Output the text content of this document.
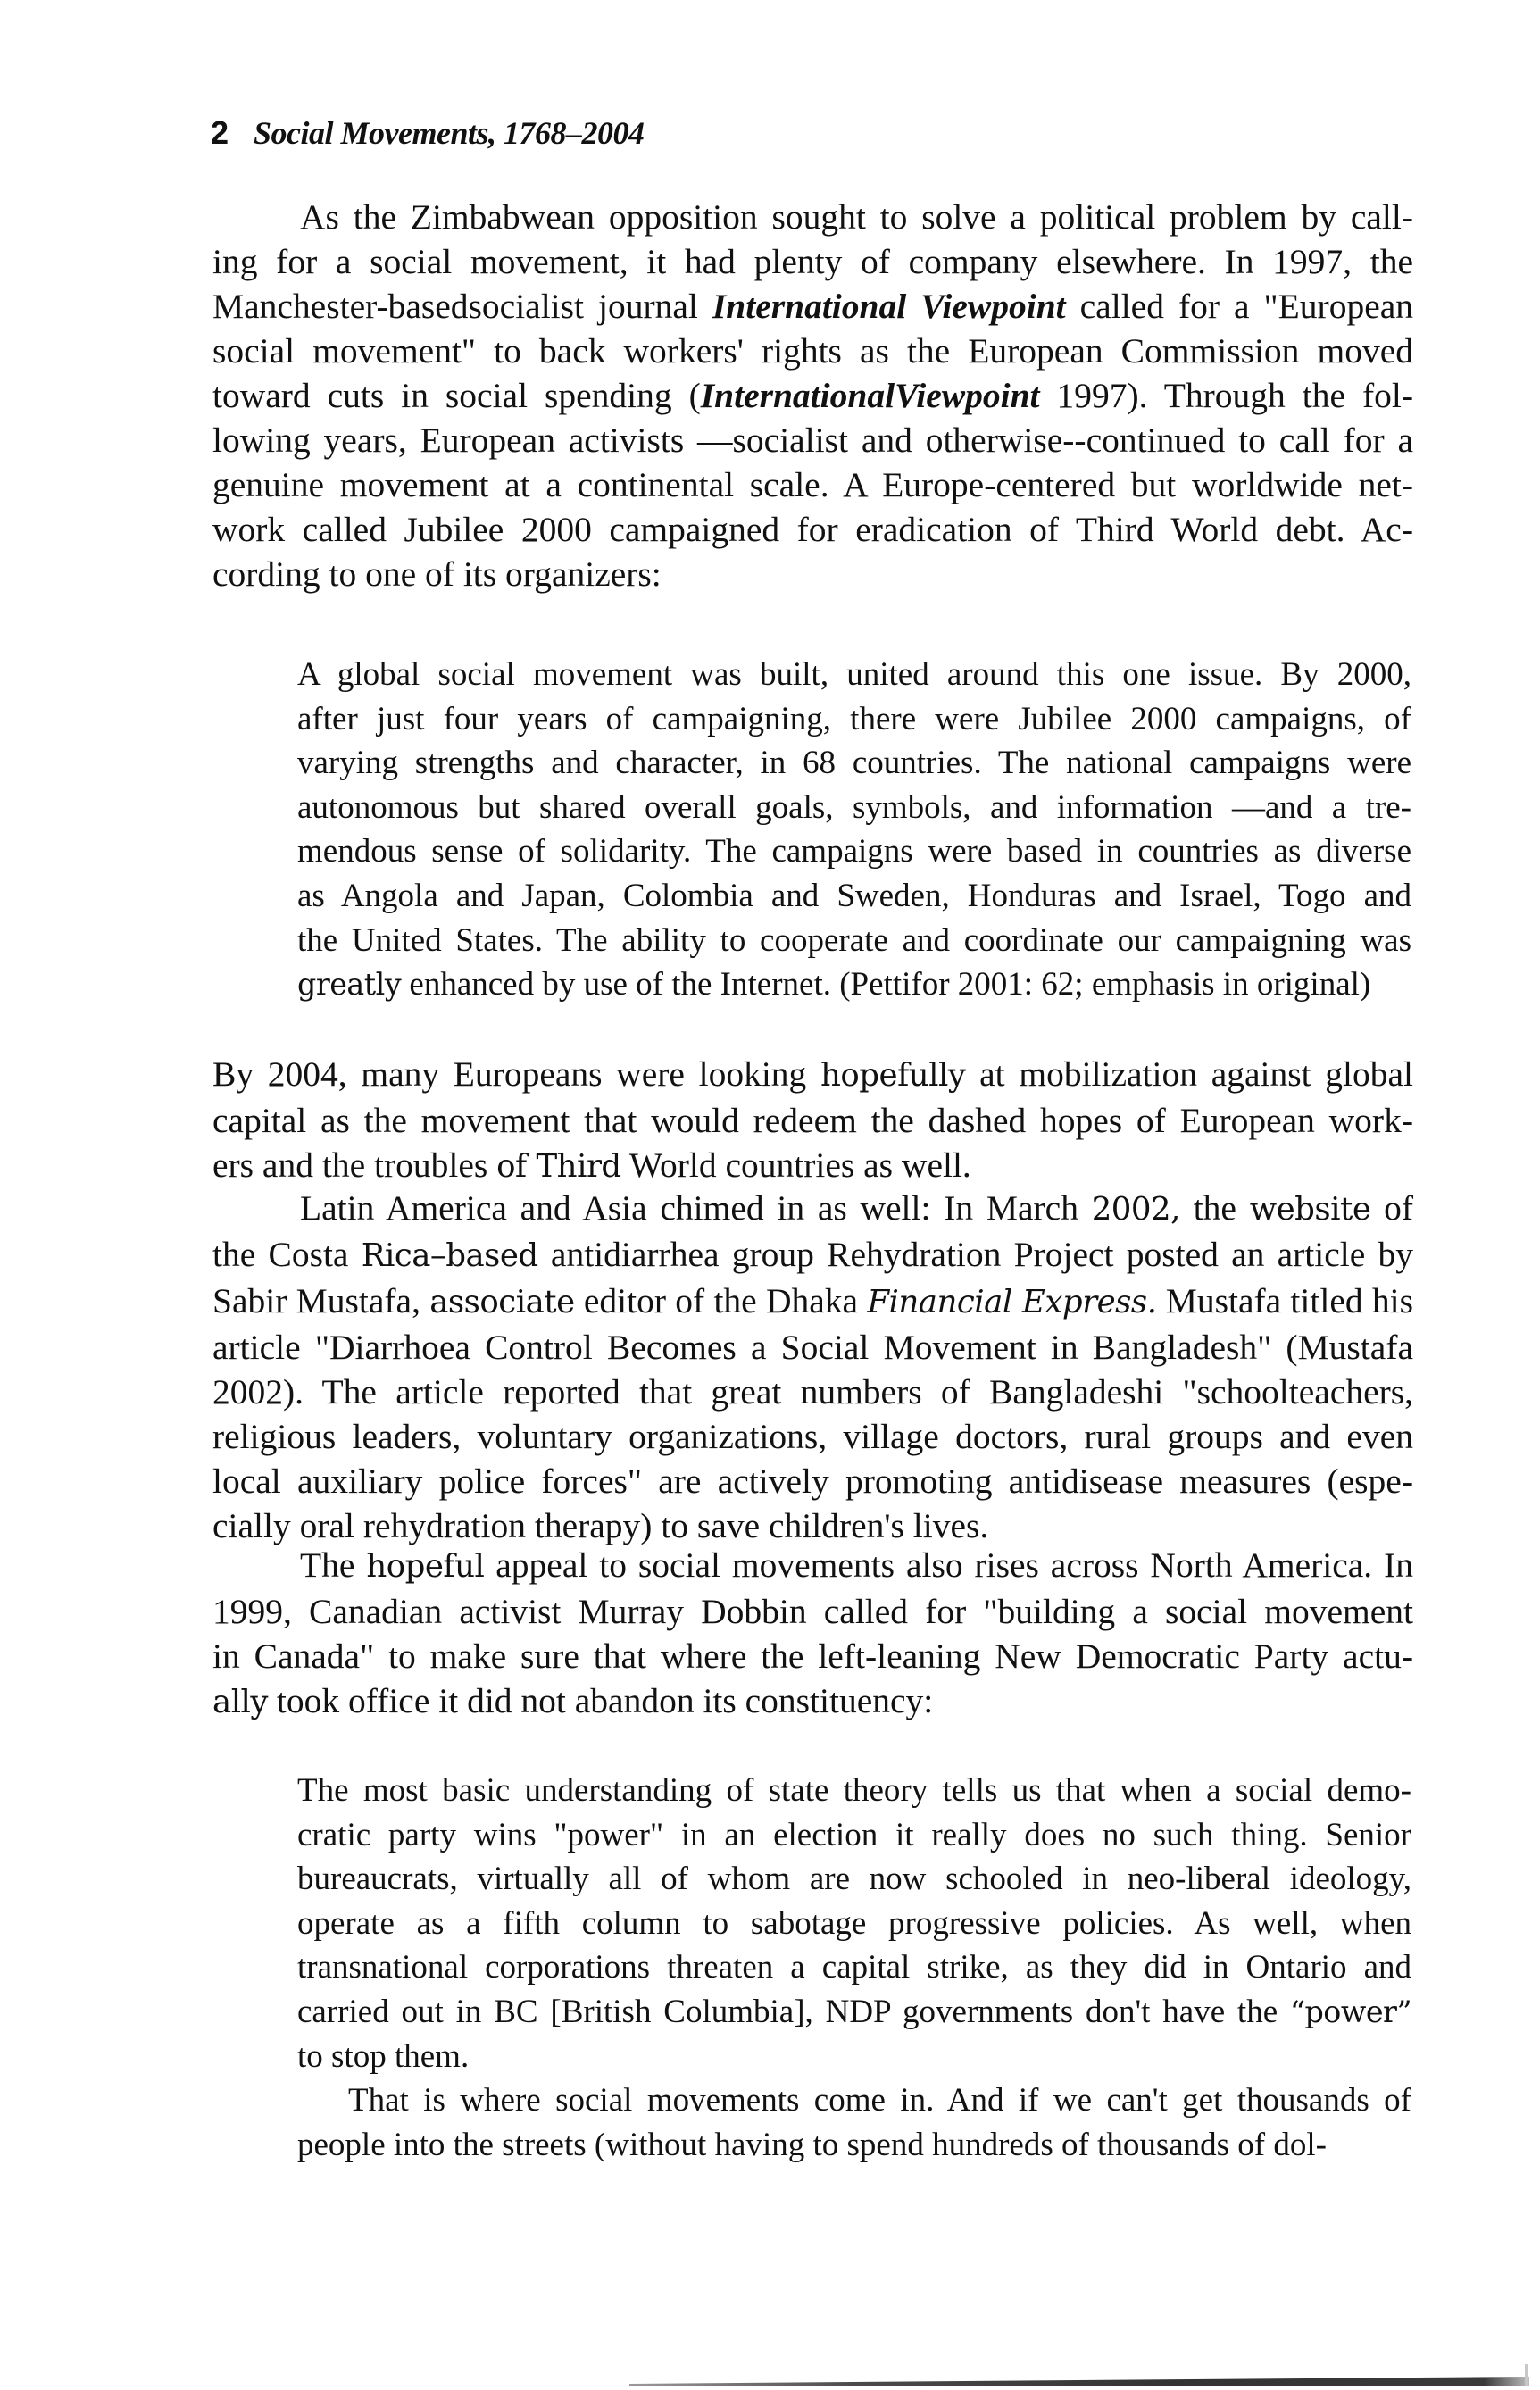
2 Social Movements, 1768–2004
As the Zimbabwean opposition sought to solve a political problem by call-
ing for a social movement, it had plenty of company elsewhere. In 1997, the
Manchester-basedsocialist journal International Viewpoint called for a "European
social movement" to back workers' rights as the European Commission moved
toward cuts in social spending (InternationalViewpoint 1997). Through the fol-
lowing years, European activists —socialist and otherwise--continued to call for a
genuine movement at a continental scale. A Europe-centered but worldwide net-
work called Jubilee 2000 campaigned for eradication of Third World debt. Ac-
cording to one of its organizers:
A global social movement was built, united around this one issue. By 2000,
after just four years of campaigning, there were Jubilee 2000 campaigns, of
varying strengths and character, in 68 countries. The national campaigns were
autonomous but shared overall goals, symbols, and information —and a tre-
mendous sense of solidarity. The campaigns were based in countries as diverse
as Angola and Japan, Colombia and Sweden, Honduras and Israel, Togo and
the United States. The ability to cooperate and coordinate our campaigning was
greatly enhanced by use of the Internet. (Pettifor 2001: 62; emphasis in original)
By 2004, many Europeans were looking hopefully at mobilization against global
capital as the movement that would redeem the dashed hopes of European work-
ers and the troubles of Third World countries as well.
Latin America and Asia chimed in as well: In March 2002, the website of
the Costa Rica–based antidiarrhea group Rehydration Project posted an article by
Sabir Mustafa, associate editor of the Dhaka Financial Express. Mustafa titled his
article "Diarrhoea Control Becomes a Social Movement in Bangladesh" (Mustafa
2002). The article reported that great numbers of Bangladeshi "schoolteachers,
religious leaders, voluntary organizations, village doctors, rural groups and even
local auxiliary police forces" are actively promoting antidisease measures (espe-
cially oral rehydration therapy) to save children's lives.
The hopeful appeal to social movements also rises across North America. In
1999, Canadian activist Murray Dobbin called for "building a social movement
in Canada" to make sure that where the left-leaning New Democratic Party actu-
ally took office it did not abandon its constituency:
The most basic understanding of state theory tells us that when a social demo-
cratic party wins "power" in an election it really does no such thing. Senior
bureaucrats, virtually all of whom are now schooled in neo-liberal ideology,
operate as a fifth column to sabotage progressive policies. As well, when
transnational corporations threaten a capital strike, as they did in Ontario and
carried out in BC [British Columbia], NDP governments don't have the “power”
to stop them.
That is where social movements come in. And if we can't get thousands of
people into the streets (without having to spend hundreds of thousands of dol-
